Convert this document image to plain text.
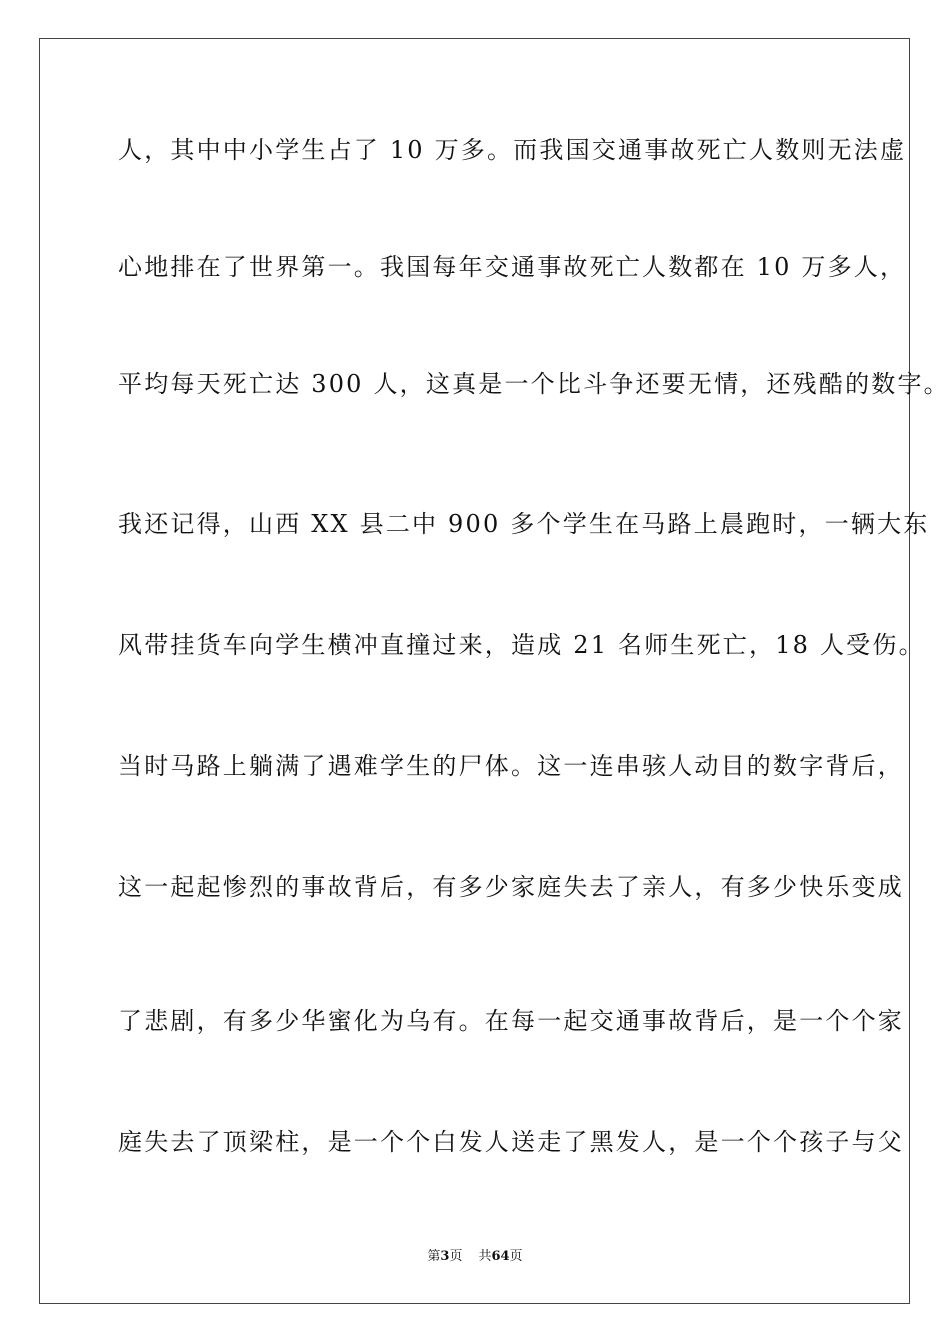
人，其中中小学生占了 10 万多。而我国交通事故死亡人数则无法虚
心地排在了世界第一。我国每年交通事故死亡人数都在 10 万多人，
平均每天死亡达 300 人，这真是一个比斗争还要无情，还残酷的数字。
我还记得，山西 XX 县二中 900 多个学生在马路上晨跑时，一辆大东
风带挂货车向学生横冲直撞过来，造成 21 名师生死亡，18 人受伤。
当时马路上躺满了遇难学生的尸体。这一连串骇人动目的数字背后，
这一起起惨烈的事故背后，有多少家庭失去了亲人，有多少快乐变成
了悲剧，有多少华蜜化为乌有。在每一起交通事故背后，是一个个家
庭失去了顶梁柱，是一个个白发人送走了黑发人，是一个个孩子与父
第3页 共64页
